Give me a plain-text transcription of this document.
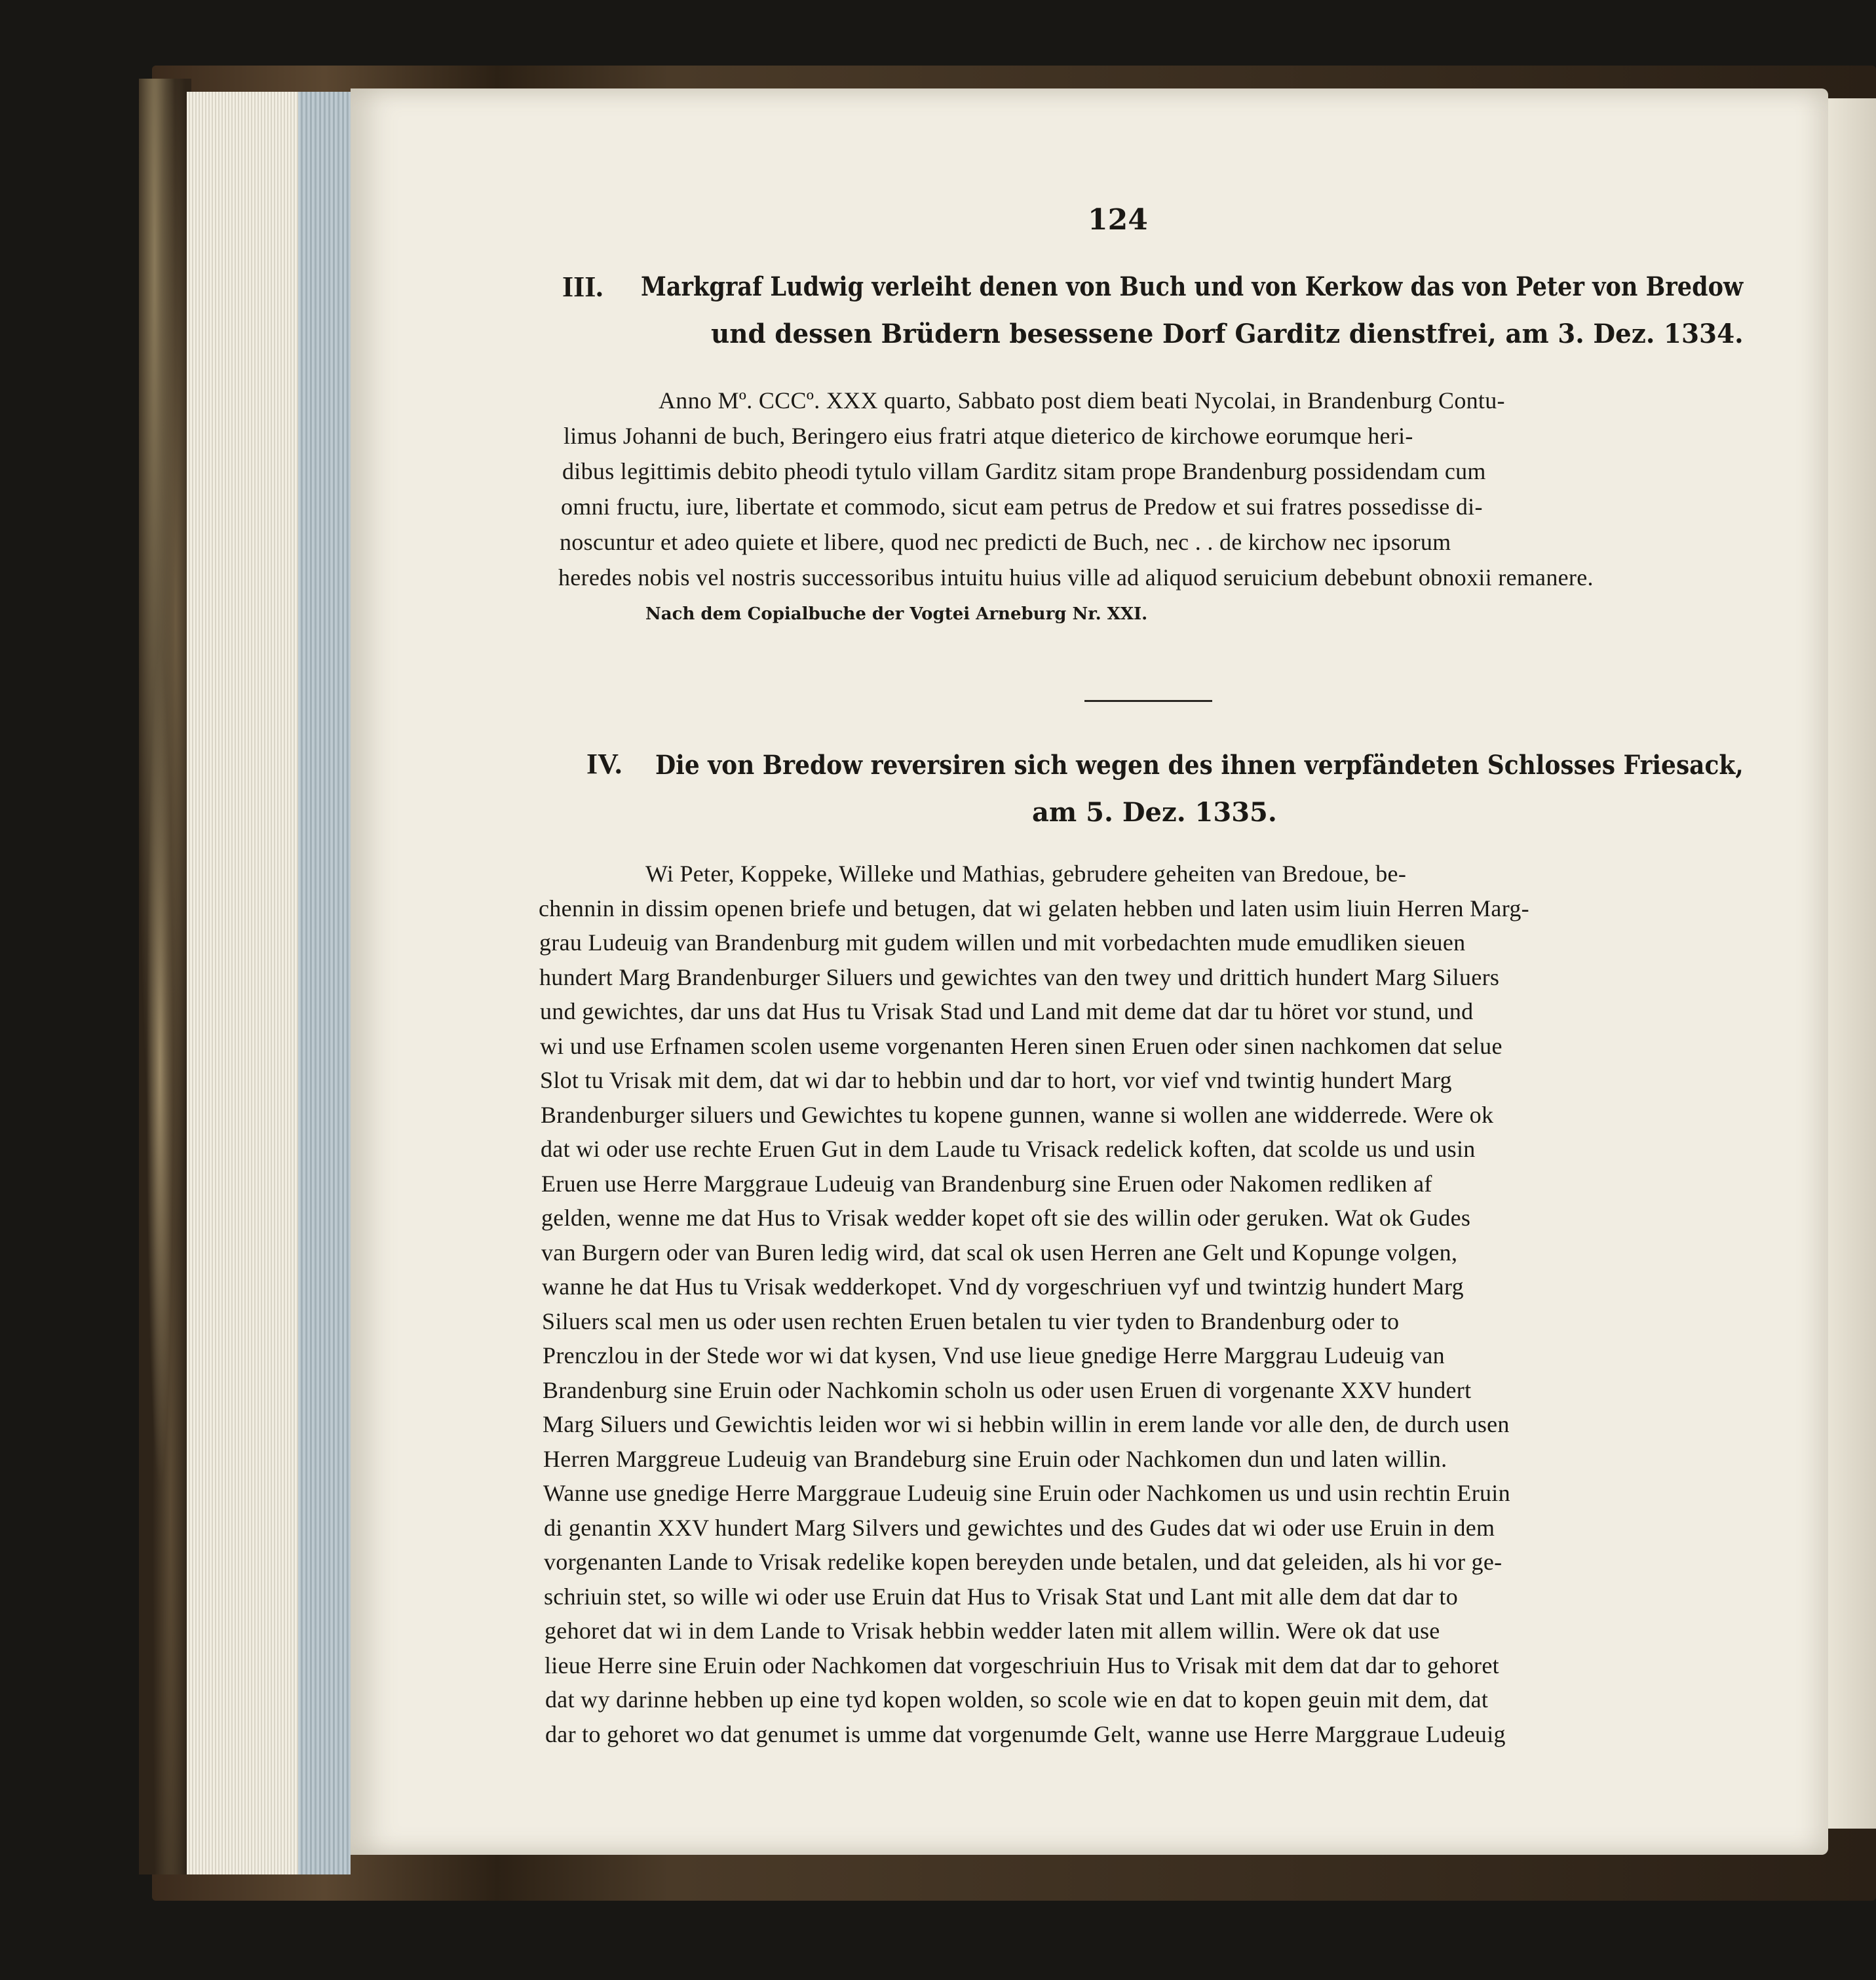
124
III. Markgraf Ludwig verleiht denen von Buch und von Kerkow das von Peter von Bredow
und dessen Brüdern besessene Dorf Garditz dienstfrei, am 3. Dez. 1334.
Anno Mº. CCCº. XXX quarto, Sabbato post diem beati Nycolai, in Brandenburg Contu-
limus Johanni de buch, Beringero eius fratri atque dieterico de kirchowe eorumque heri-
dibus legittimis debito pheodi tytulo villam Garditz sitam prope Brandenburg possidendam cum
omni fructu, iure, libertate et commodo, sicut eam petrus de Predow et sui fratres possedisse di-
noscuntur et adeo quiete et libere, quod nec predicti de Buch, nec . . de kirchow nec ipsorum
heredes nobis vel nostris successoribus intuitu huius ville ad aliquod seruicium debebunt obnoxii remanere.
Nach dem Copialbuche der Vogtei Arneburg Nr. XXI.
IV. Die von Bredow reversiren sich wegen des ihnen verpfändeten Schlosses Friesack,
am 5. Dez. 1335.
Wi Peter, Koppeke, Willeke und Mathias, gebrudere geheiten van Bredoue, be-
chennin in dissim openen briefe und betugen, dat wi gelaten hebben und laten usim liuin Herren Marg-
grau Ludeuig van Brandenburg mit gudem willen und mit vorbedachten mude emudliken sieuen
hundert Marg Brandenburger Siluers und gewichtes van den twey und drittich hundert Marg Siluers
und gewichtes, dar uns dat Hus tu Vrisak Stad und Land mit deme dat dar tu höret vor stund, und
wi und use Erfnamen scolen useme vorgenanten Heren sinen Eruen oder sinen nachkomen dat selue
Slot tu Vrisak mit dem, dat wi dar to hebbin und dar to hort, vor vief vnd twintig hundert Marg
Brandenburger siluers und Gewichtes tu kopene gunnen, wanne si wollen ane widderrede. Were ok
dat wi oder use rechte Eruen Gut in dem Laude tu Vrisack redelick koften, dat scolde us und usin
Eruen use Herre Marggraue Ludeuig van Brandenburg sine Eruen oder Nakomen redliken af
gelden, wenne me dat Hus to Vrisak wedder kopet oft sie des willin oder geruken. Wat ok Gudes
van Burgern oder van Buren ledig wird, dat scal ok usen Herren ane Gelt und Kopunge volgen,
wanne he dat Hus tu Vrisak wedderkopet. Vnd dy vorgeschriuen vyf und twintzig hundert Marg
Siluers scal men us oder usen rechten Eruen betalen tu vier tyden to Brandenburg oder to
Prenczlou in der Stede wor wi dat kysen, Vnd use lieue gnedige Herre Marggrau Ludeuig van
Brandenburg sine Eruin oder Nachkomin scholn us oder usen Eruen di vorgenante XXV hundert
Marg Siluers und Gewichtis leiden wor wi si hebbin willin in erem lande vor alle den, de durch usen
Herren Marggreue Ludeuig van Brandeburg sine Eruin oder Nachkomen dun und laten willin.
Wanne use gnedige Herre Marggraue Ludeuig sine Eruin oder Nachkomen us und usin rechtin Eruin
di genantin XXV hundert Marg Silvers und gewichtes und des Gudes dat wi oder use Eruin in dem
vorgenanten Lande to Vrisak redelike kopen bereyden unde betalen, und dat geleiden, als hi vor ge-
schriuin stet, so wille wi oder use Eruin dat Hus to Vrisak Stat und Lant mit alle dem dat dar to
gehoret dat wi in dem Lande to Vrisak hebbin wedder laten mit allem willin. Were ok dat use
lieue Herre sine Eruin oder Nachkomen dat vorgeschriuin Hus to Vrisak mit dem dat dar to gehoret
dat wy darinne hebben up eine tyd kopen wolden, so scole wie en dat to kopen geuin mit dem, dat
dar to gehoret wo dat genumet is umme dat vorgenumde Gelt, wanne use Herre Marggraue Ludeuig
